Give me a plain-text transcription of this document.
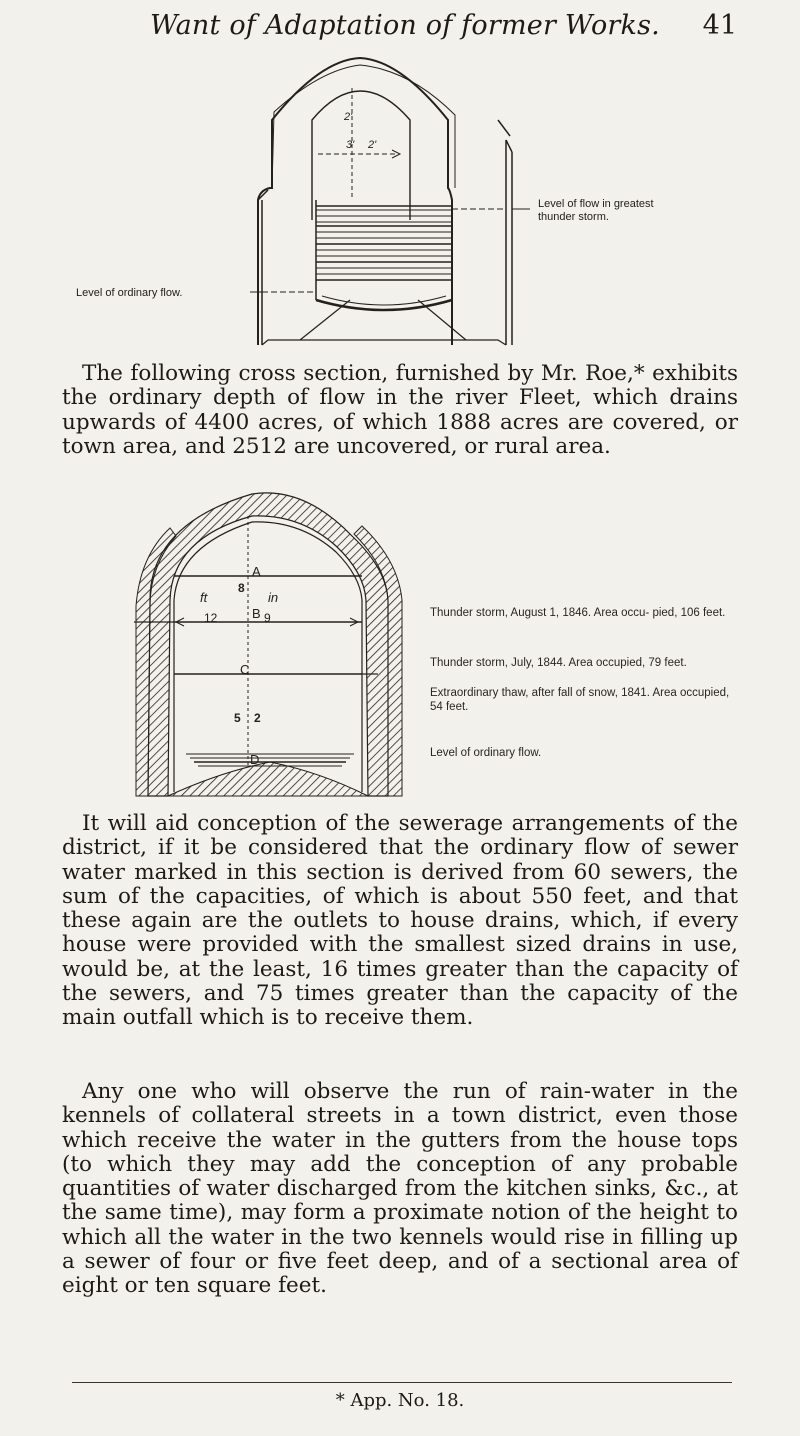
Want of Adaptation of former Works. 41
3' 2'
2'
Level of flow in greatest
thunder storm.
Level of ordinary flow.

The following cross section, furnished by Mr. Roe,* exhibits the ordinary depth of flow in the river Fleet, which drains upwards of 4400 acres, of which 1888 acres are covered, or town area, and 2512 are uncovered, or rural area.

A
B
C
D
ft	in
12	9
8
5 2
Thunder storm, August 1, 1846. Area occu- pied, 106 feet.
Thunder storm, July, 1844. Area occupied, 79 feet.
Extraordinary thaw, after fall of snow, 1841. Area occupied, 54 feet.
Level of ordinary flow.

It will aid conception of the sewerage arrangements of the district, if it be considered that the ordinary flow of sewer water marked in this section is derived from 60 sewers, the sum of the capacities, of which is about 550 feet, and that these again are the outlets to house drains, which, if every house were provided with the smallest sized drains in use, would be, at the least, 16 times greater than the capacity of the sewers, and 75 times greater than the capacity of the main outfall which is to receive them.

Any one who will observe the run of rain-water in the kennels of collateral streets in a town district, even those which receive the water in the gutters from the house tops (to which they may add the conception of any probable quantities of water discharged from the kitchen sinks, &c., at the same time), may form a proximate notion of the height to which all the water in the two kennels would rise in filling up a sewer of four or five feet deep, and of a sectional area of eight or ten square feet.

* App. No. 18.
